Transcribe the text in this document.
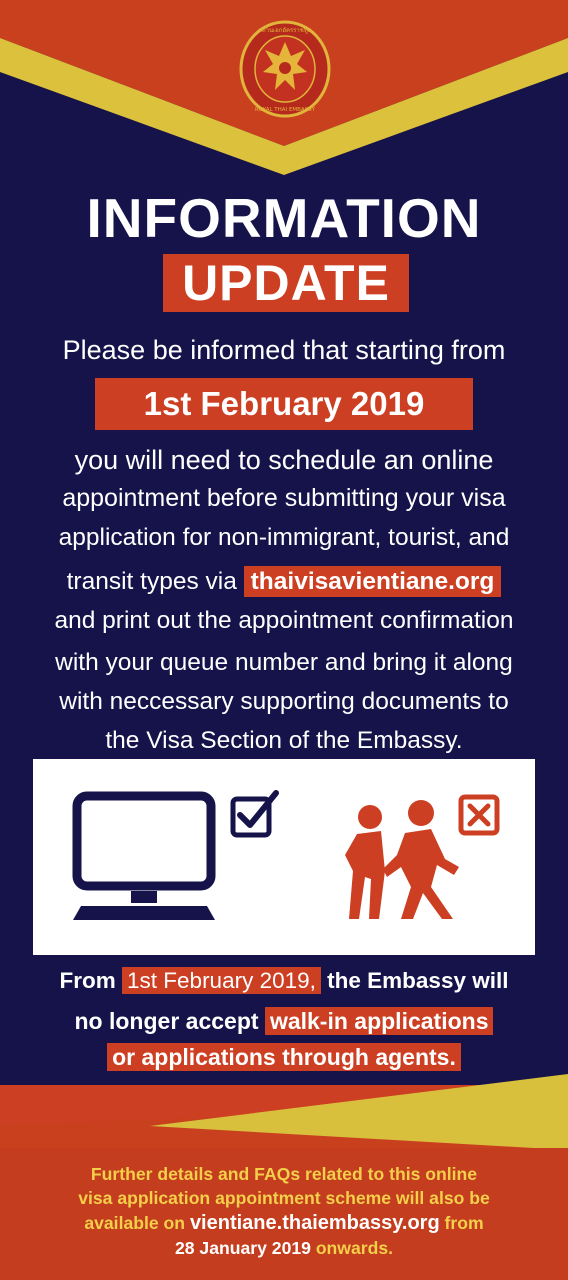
สถานเอกอัครราชทูต
ROYAL THAI EMBASSY
INFORMATION
UPDATE
Please be informed that starting from
1st February 2019
you will need to schedule an online
appointment before submitting your visa
application for non-immigrant, tourist, and
transit types via thaivisavientiane.org
and print out the appointment confirmation
with your queue number and bring it along
with neccessary supporting documents to
the Visa Section of the Embassy.
From 1st February 2019, the Embassy will
no longer accept walk-in applications
or applications through agents.
Further details and FAQs related to this online
visa application appointment scheme will also be
available on vientiane.thaiembassy.org from
28 January 2019 onwards.
